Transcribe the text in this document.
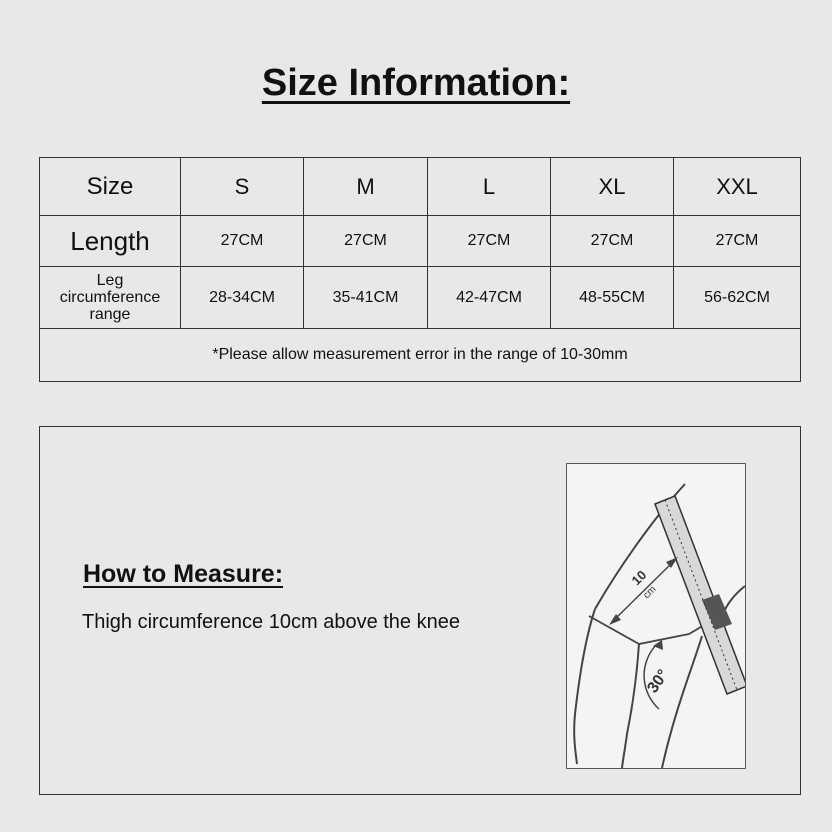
Size Information:
Size	S	M	L	XL	XXL
Length	27CM	27CM	27CM	27CM	27CM

Leg
circumference
range	28-34CM	35-41CM	42-47CM	48-55CM	56-62CM
*Please allow measurement error in the range of 10-30mm					
How to Measure:
Thigh circumference 10cm above the knee
10
cm
30°
